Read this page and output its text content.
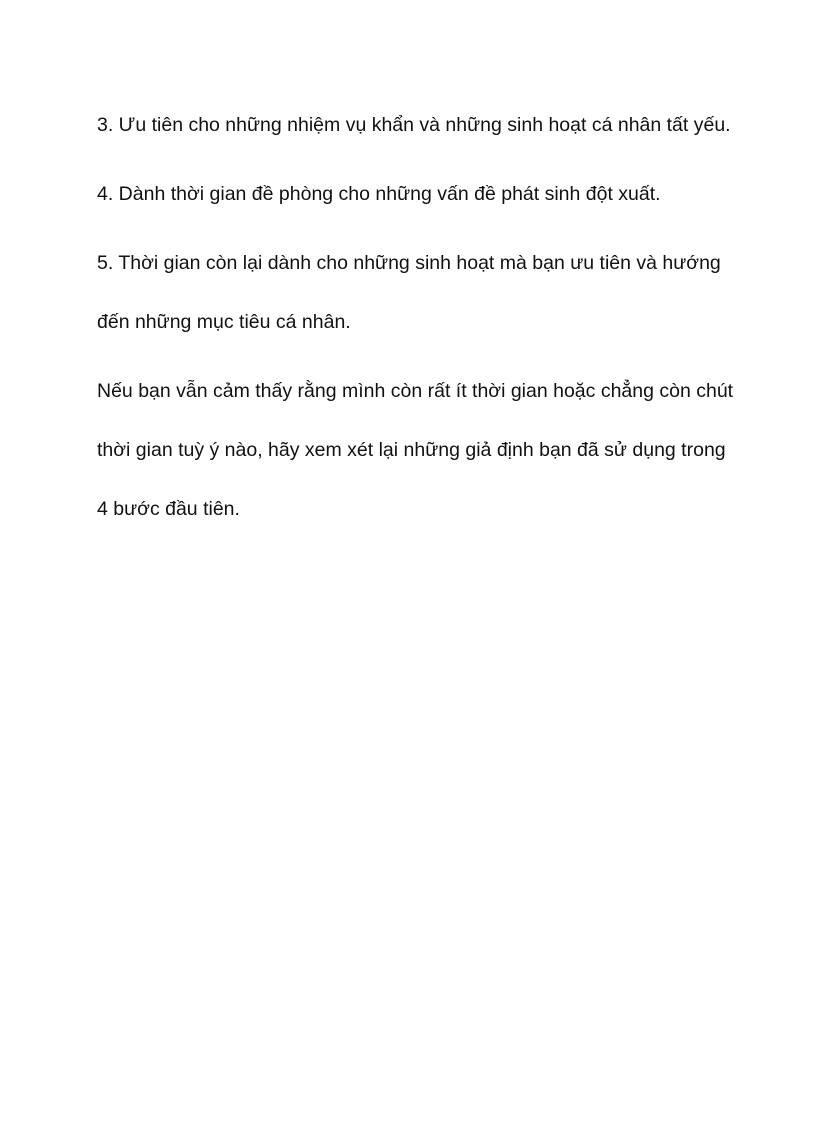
3. Ưu tiên cho những nhiệm vụ khẩn và những sinh hoạt cá nhân tất yếu.

4. Dành thời gian đề phòng cho những vấn đề phát sinh đột xuất.

5. Thời gian còn lại dành cho những sinh hoạt mà bạn ưu tiên và hướng đến những mục tiêu cá nhân.

Nếu bạn vẫn cảm thấy rằng mình còn rất ít thời gian hoặc chẳng còn chút thời gian tuỳ ý nào, hãy xem xét lại những giả định bạn đã sử dụng trong 4 bước đầu tiên.
